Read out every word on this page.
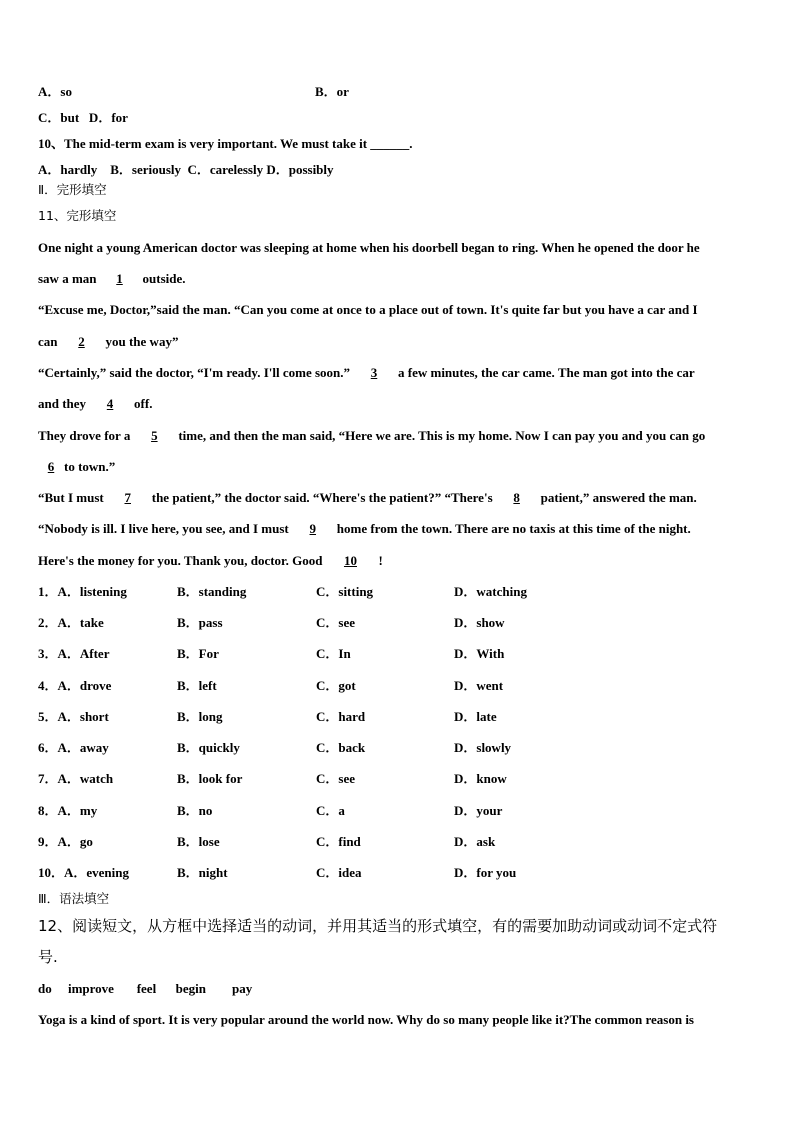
A．so	B．or
C．but   D．for
10、The mid-term exam is very important. We must take it ______.
A．hardly    B．seriously  C．carelessly D．possibly
Ⅱ．完形填空
11、完形填空
One night a young American doctor was sleeping at home when his doorbell began to ring. When he opened the door he
saw a man 1 outside.
“Excuse me, Doctor,”said the man. “Can you come at once to a place out of town. It's quite far but you have a car and I
can 2 you the way”
“Certainly,” said the doctor, “I'm ready. I'll come soon.” 3 a few minutes, the car came. The man got into the car
and they 4 off.
They drove for a 5 time, and then the man said, “Here we are. This is my home. Now I can pay you and you can go
6 to town.”
“But I must 7 the patient,” the doctor said. “Where's the patient?” “There's 8 patient,” answered the man.
“Nobody is ill. I live here, you see, and I must 9 home from the town. There are no taxis at this time of the night.
Here's the money for you. Thank you, doctor. Good 10 !
1．A．listening	B．standing	C．sitting	D．watching
2．A．take	B．pass	C．see	D．show
3．A．After	B．For	C．In	D．With
4．A．drove	B．left	C．got	D．went
5．A．short	B．long	C．hard	D．late
6．A．away	B．quickly	C．back	D．slowly
7．A．watch	B．look for	C．see	D．know
8．A．my	B．no	C．a	D．your
9．A．go	B．lose	C．find	D．ask
10．A．evening	B．night	C．idea	D．for you
Ⅲ．语法填空
12、阅读短文，从方框中选择适当的动词，并用其适当的形式填空，有的需要加助动词或动词不定式符
号.
do     improve       feel      begin        pay
Yoga is a kind of sport. It is very popular around the world now. Why do so many people like it?The common reason is
